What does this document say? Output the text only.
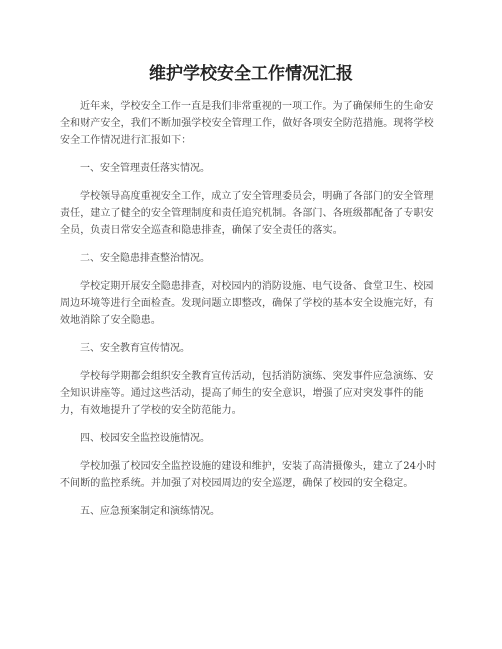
维护学校安全工作情况汇报

近年来，学校安全工作一直是我们非常重视的一项工作。为了确保师生的生命安全和财产安全，我们不断加强学校安全管理工作，做好各项安全防范措施。现将学校安全工作情况进行汇报如下：

一、安全管理责任落实情况。

学校领导高度重视安全工作，成立了安全管理委员会，明确了各部门的安全管理责任，建立了健全的安全管理制度和责任追究机制。各部门、各班级都配备了专职安全员，负责日常安全巡查和隐患排查，确保了安全责任的落实。

二、安全隐患排查整治情况。

学校定期开展安全隐患排查，对校园内的消防设施、电气设备、食堂卫生、校园周边环境等进行全面检查。发现问题立即整改，确保了学校的基本安全设施完好，有效地消除了安全隐患。

三、安全教育宣传情况。

学校每学期都会组织安全教育宣传活动，包括消防演练、突发事件应急演练、安全知识讲座等。通过这些活动，提高了师生的安全意识，增强了应对突发事件的能力，有效地提升了学校的安全防范能力。

四、校园安全监控设施情况。

学校加强了校园安全监控设施的建设和维护，安装了高清摄像头，建立了24小时不间断的监控系统。并加强了对校园周边的安全巡逻，确保了校园的安全稳定。

五、应急预案制定和演练情况。
